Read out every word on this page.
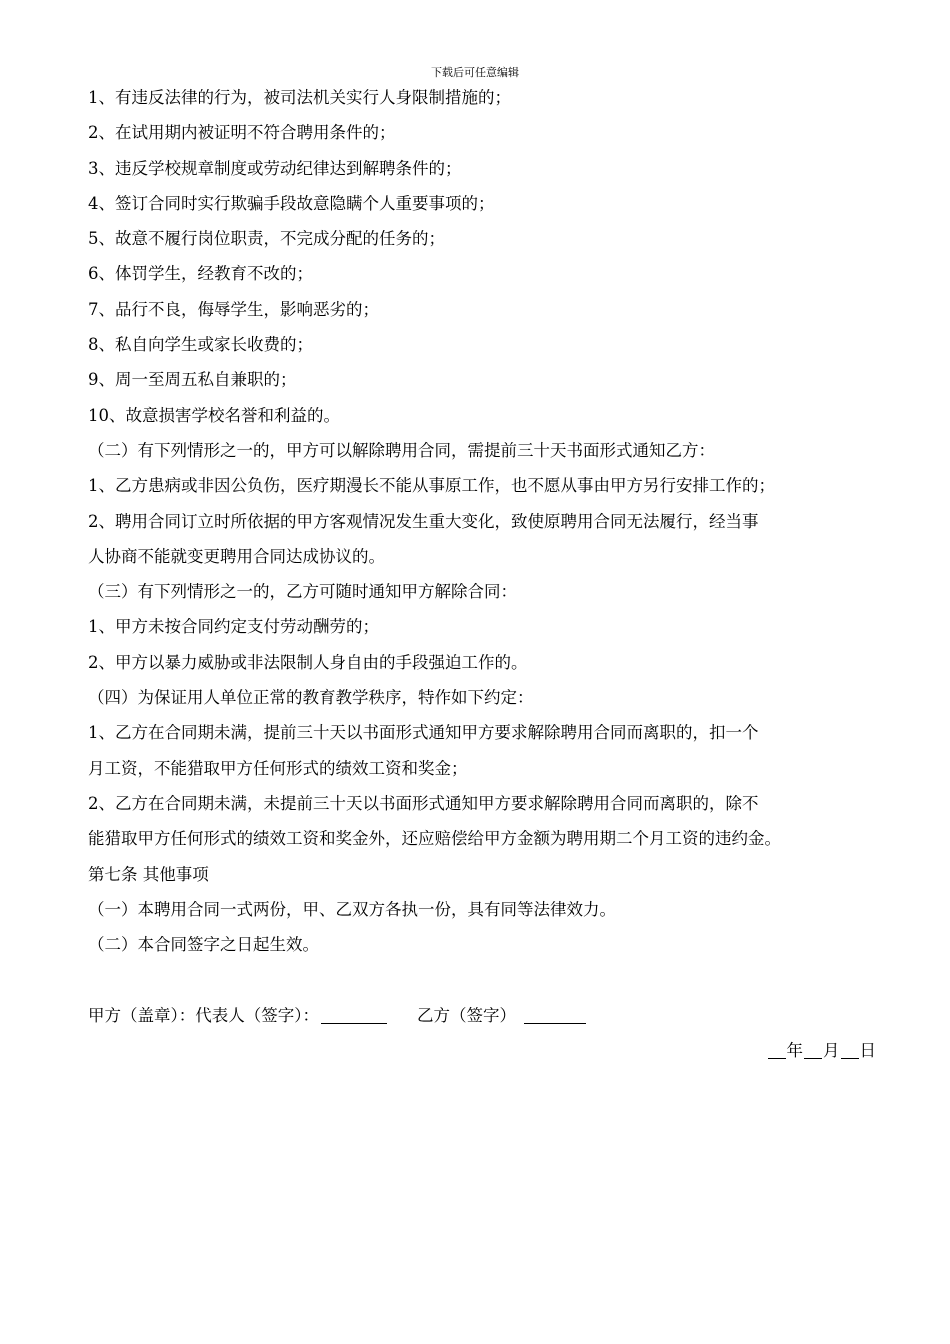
下载后可任意编辑
1、有违反法律的行为，被司法机关实行人身限制措施的；
2、在试用期内被证明不符合聘用条件的；
3、违反学校规章制度或劳动纪律达到解聘条件的；
4、签订合同时实行欺骗手段故意隐瞒个人重要事项的；
5、故意不履行岗位职责，不完成分配的任务的；
6、体罚学生，经教育不改的；
7、品行不良，侮辱学生，影响恶劣的；
8、私自向学生或家长收费的；
9、周一至周五私自兼职的；
10、故意损害学校名誉和利益的。
（二）有下列情形之一的，甲方可以解除聘用合同，需提前三十天书面形式通知乙方：
1、乙方患病或非因公负伤，医疗期漫长不能从事原工作，也不愿从事由甲方另行安排工作的；
2、聘用合同订立时所依据的甲方客观情况发生重大变化，致使原聘用合同无法履行，经当事
人协商不能就变更聘用合同达成协议的。
（三）有下列情形之一的，乙方可随时通知甲方解除合同：
1、甲方未按合同约定支付劳动酬劳的；
2、甲方以暴力威胁或非法限制人身自由的手段强迫工作的。
（四）为保证用人单位正常的教育教学秩序，特作如下约定：
1、乙方在合同期未满，提前三十天以书面形式通知甲方要求解除聘用合同而离职的，扣一个
月工资，不能猎取甲方任何形式的绩效工资和奖金；
2、乙方在合同期未满，未提前三十天以书面形式通知甲方要求解除聘用合同而离职的，除不
能猎取甲方任何形式的绩效工资和奖金外，还应赔偿给甲方金额为聘用期二个月工资的违约金。
第七条 其他事项
（一）本聘用合同一式两份，甲、乙双方各执一份，具有同等法律效力。
（二）本合同签字之日起生效。
甲方（盖章）：代表人（签字）：	乙方（签字）
年 月 日
